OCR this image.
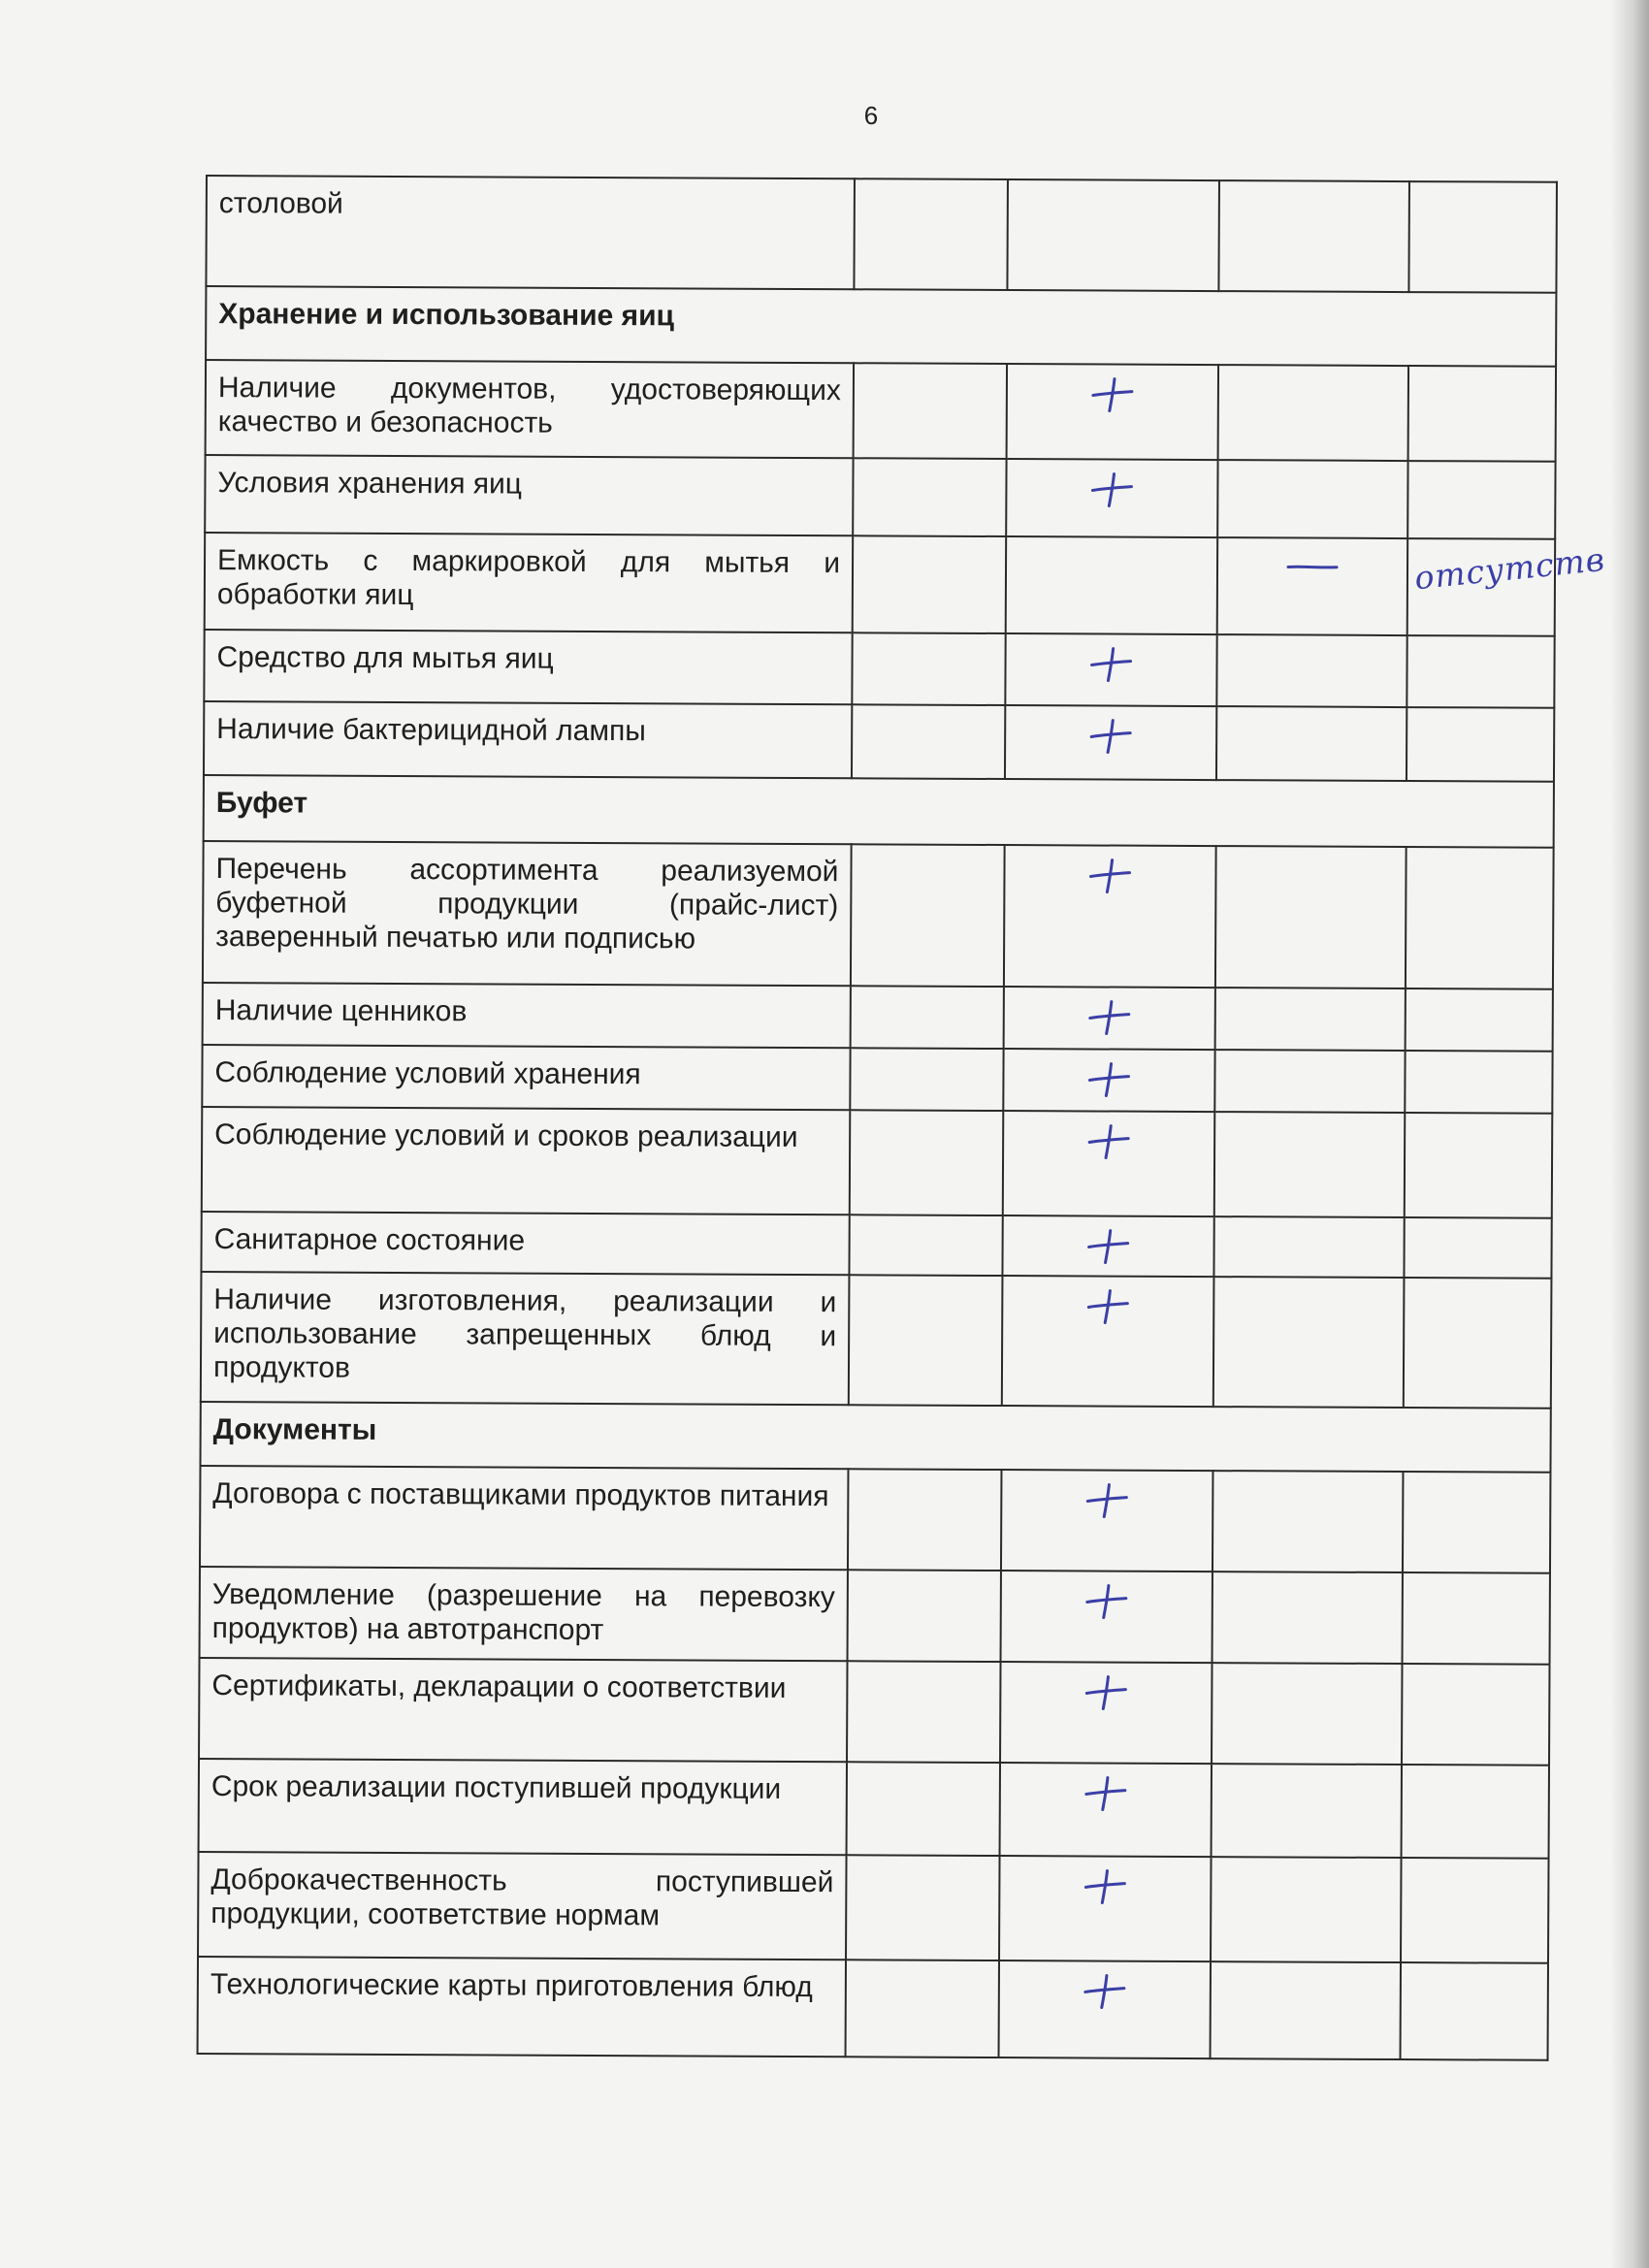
6
столовой				
Хранение и использование яиц				
Наличие документов, удостоверяющих качество и безопасность				
Условия хранения яиц				
Емкость с маркировкой для мытья и обработки яиц				отсутств

Средство для мытья яиц				
Наличие бактерицидной лампы				
Буфет				
Перечень ассортимента реализуемой буфетной продукции (прайс-лист) заверенный печатью или подписью				
Наличие ценников				
Соблюдение условий хранения				
Соблюдение условий и сроков реализации				
Санитарное состояние				
Наличие изготовления, реализации и использование запрещенных блюд и продуктов				
Документы				
Договора с поставщиками продуктов питания				
Уведомление (разрешение на перевозку продуктов) на автотранспорт				
Сертификаты, декларации о соответствии				
Срок реализации поступившей продукции				
Доброкачественность поступившей продукции, соответствие нормам				
Технологические карты приготовления блюд				
